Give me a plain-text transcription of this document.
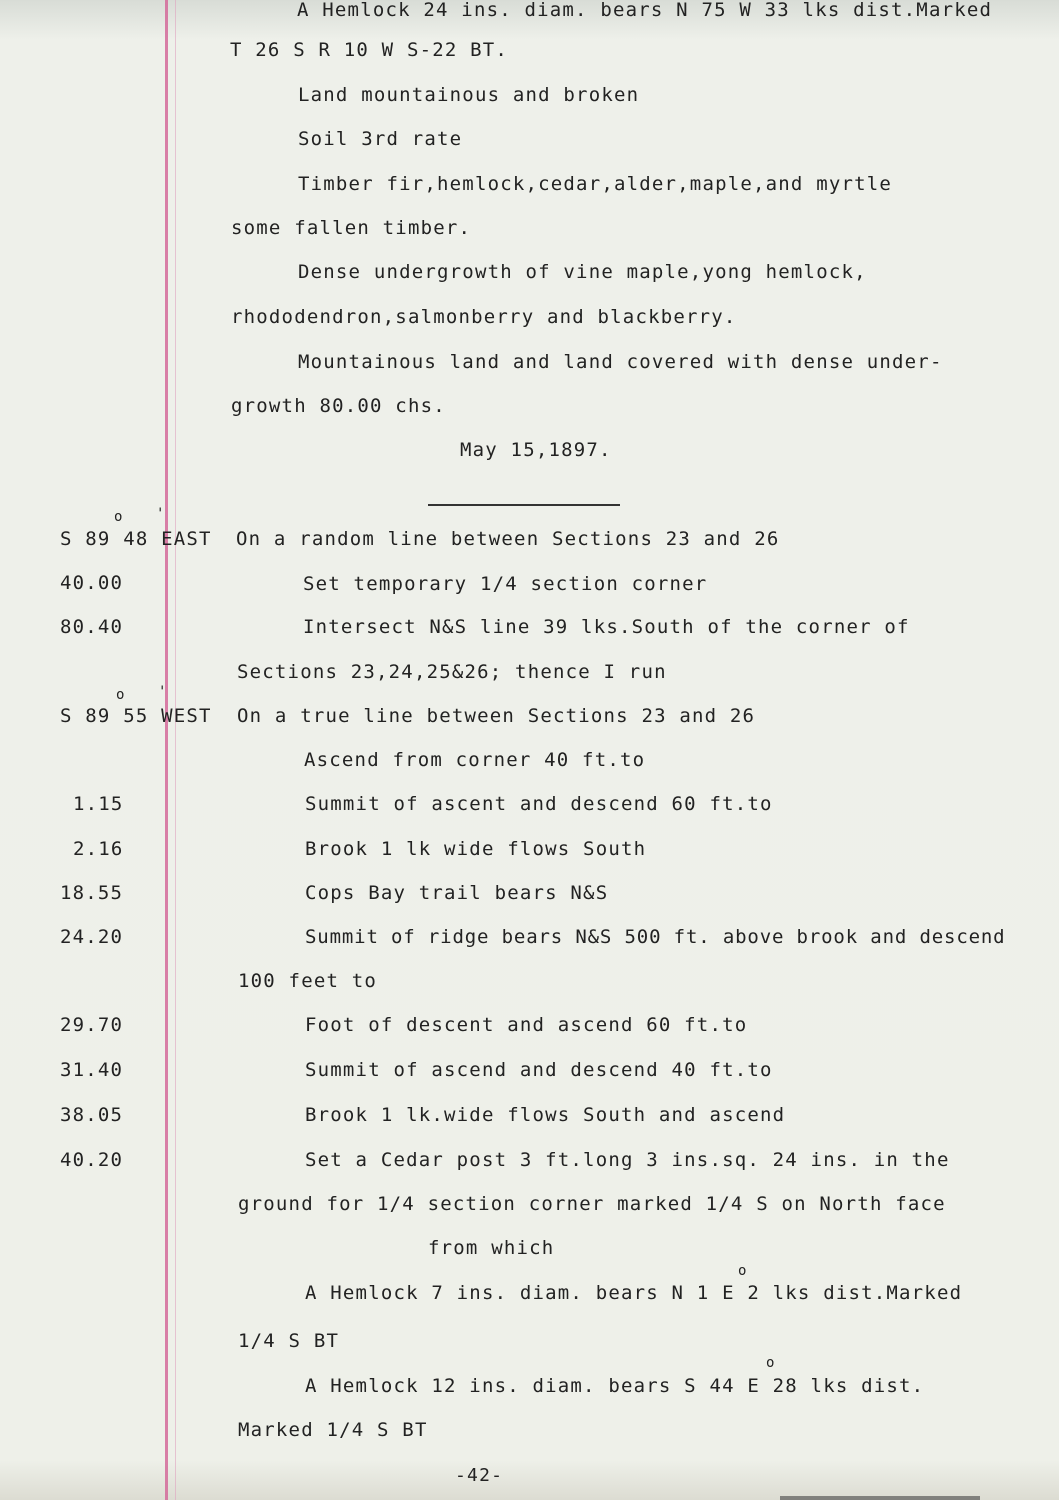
A Hemlock 24 ins. diam. bears N 75 W 33 lks dist.Marked
T 26 S R 10 W S-22 BT.
Land mountainous and broken
Soil 3rd rate
Timber fir,hemlock,cedar,alder,maple,and myrtle
some fallen timber.
Dense undergrowth of vine maple,yong hemlock,
rhododendron,salmonberry and blackberry.
Mountainous land and land covered with dense under-
growth 80.00 chs.
May 15,1897.
o '
S 89 48 EAST On a random line between Sections 23 and 26
40.00	Set temporary 1/4 section corner
80.40	Intersect N&S line 39 lks.South of the corner of
Sections 23,24,25&26; thence I run
o '
S 89 55 WEST On a true line between Sections 23 and 26
Ascend from corner 40 ft.to
1.15	Summit of ascent and descend 60 ft.to
2.16	Brook 1 lk wide flows South
18.55	Cops Bay trail bears N&S
24.20	Summit of ridge bears N&S 500 ft. above brook and descend
100 feet to
29.70	Foot of descent and ascend 60 ft.to
31.40	Summit of ascend and descend 40 ft.to
38.05	Brook 1 lk.wide flows South and ascend
40.20	Set a Cedar post 3 ft.long 3 ins.sq. 24 ins. in the
ground for 1/4 section corner marked 1/4 S on North face
from which
o
A Hemlock 7 ins. diam. bears N 1 E 2 lks dist.Marked
1/4 S BT
o
A Hemlock 12 ins. diam. bears S 44 E 28 lks dist.
Marked 1/4 S BT
-42-
